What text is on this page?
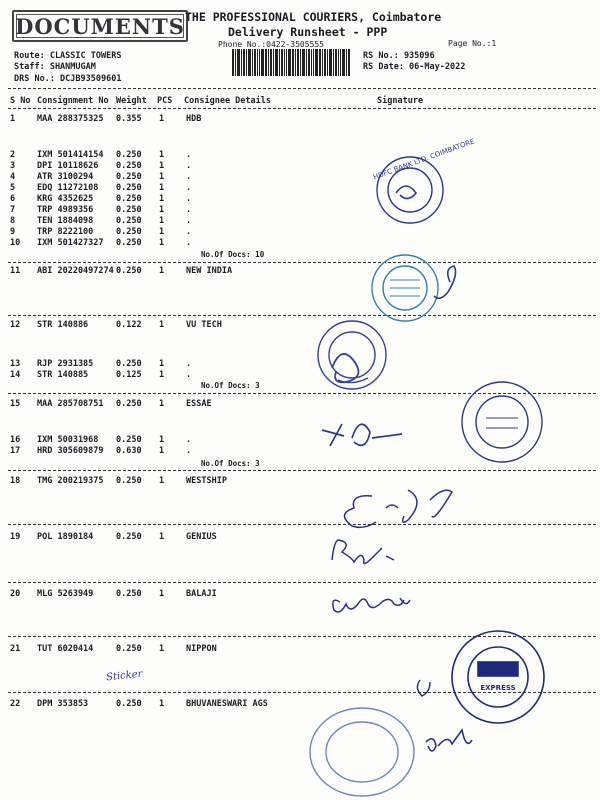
DOCUMENTS THE PROFESSIONAL COURIERS, Coimbatore
Delivery Runsheet - PPP
Phone No.:0422-3505555	Page No.:1
Route: CLASSIC TOWERS
Staff: SHANMUGAM
DRS No.: DCJB93509601
RS No.: 935096
RS Date: 06-May-2022
S No Consignment No Weight PCS Consignee Details	Signature
1	MAA 288375325 0.355 1	HDB
2	IXM 501414154 0.250 1	.
3	DPI 10118626 0.250 1	.
4	ATR 3100294	0.250 1	.
5	EDQ 11272108 0.250 1	.
6	KRG 4352625	0.250 1	.
7	TRP 4989356	0.250 1	.
8	TEN 1884098	0.250 1	.
9	TRP 8222100	0.250 1	.
10 IXM 501427327 0.250 1	.
11 ABI 20220497274 0.250 1	NEW INDIA
12 STR 140886	0.122 1	VU TECH
13 RJP 2931385	0.250 1	.
14 STR 140885	0.125 1	.
15 MAA 285708751 0.250 1	ESSAE
16 IXM 50031968 0.250 1	.
17 HRD 305609879 0.630 1	.
18 TMG 200219375 0.250 1	WESTSHIP
19 POL 1890184	0.250 1	GENIUS
20 MLG 5263949	0.250 1	BALAJI
21 TUT 6020414	0.250 1	NIPPON
22 DPM 353853	0.250 1	BHUVANESWARI AGS
No.Of Docs: 10
No.Of Docs: 3
No.Of Docs: 3
HDFC BANK LTD. COIMBATORE
Sticker
EXPRESS
